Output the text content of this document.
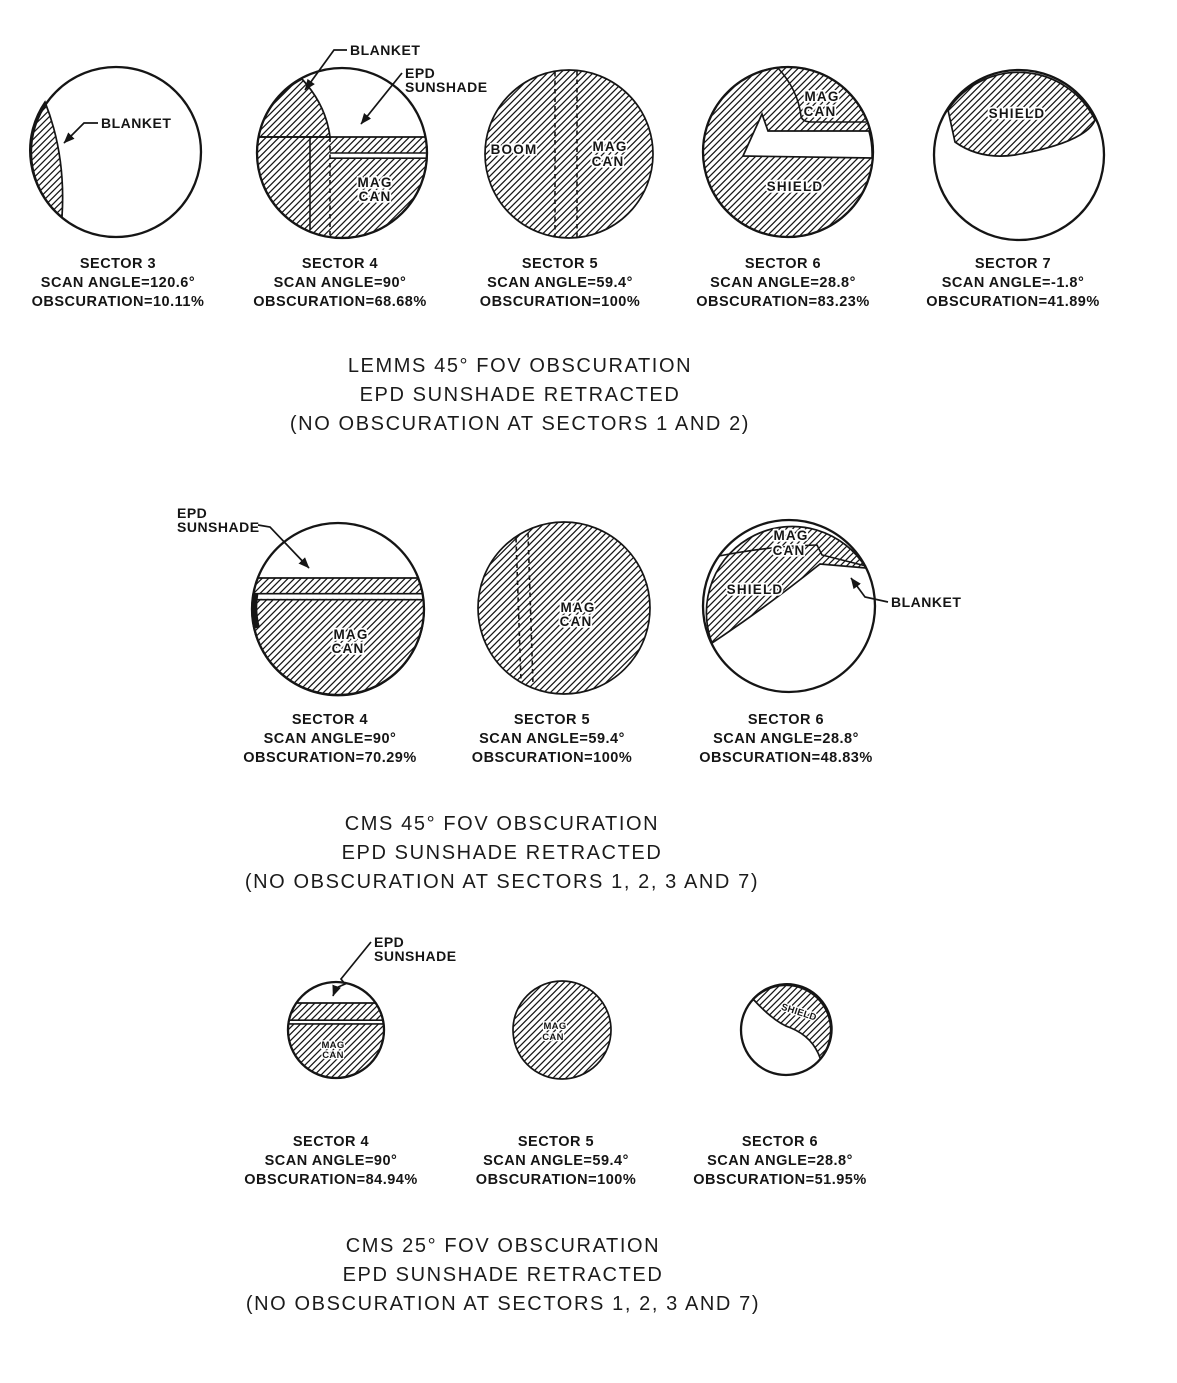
BLANKET
MAG
CAN
BLANKET
EPD
SUNSHADE
BOOM	MAG
CAN
MAG
CAN
SHIELD
SHIELD
SECTOR 3
SCAN ANGLE=120.6°
OBSCURATION=10.11%
SECTOR 4
SCAN ANGLE=90°
OBSCURATION=68.68%
SECTOR 5
SCAN ANGLE=59.4°
OBSCURATION=100%
SECTOR 6
SCAN ANGLE=28.8°
OBSCURATION=83.23%
SECTOR 7
SCAN ANGLE=-1.8°
OBSCURATION=41.89%
LEMMS 45° FOV OBSCURATION
EPD SUNSHADE RETRACTED
(NO OBSCURATION AT SECTORS 1 AND 2)
MAG
CAN
EPD
SUNSHADE
MAG
CAN
MAG
CAN
SHIELD
BLANKET
SECTOR 4
SCAN ANGLE=90°
OBSCURATION=70.29%
SECTOR 5
SCAN ANGLE=59.4°
OBSCURATION=100%
SECTOR 6
SCAN ANGLE=28.8°
OBSCURATION=48.83%
CMS 45° FOV OBSCURATION
EPD SUNSHADE RETRACTED
(NO OBSCURATION AT SECTORS 1, 2, 3 AND 7)
MAG
CAN
EPD
SUNSHADE
MAG
CAN
SHIELD
SECTOR 4
SCAN ANGLE=90°
OBSCURATION=84.94%
SECTOR 5
SCAN ANGLE=59.4°
OBSCURATION=100%
SECTOR 6
SCAN ANGLE=28.8°
OBSCURATION=51.95%
CMS 25° FOV OBSCURATION
EPD SUNSHADE RETRACTED
(NO OBSCURATION AT SECTORS 1, 2, 3 AND 7)
